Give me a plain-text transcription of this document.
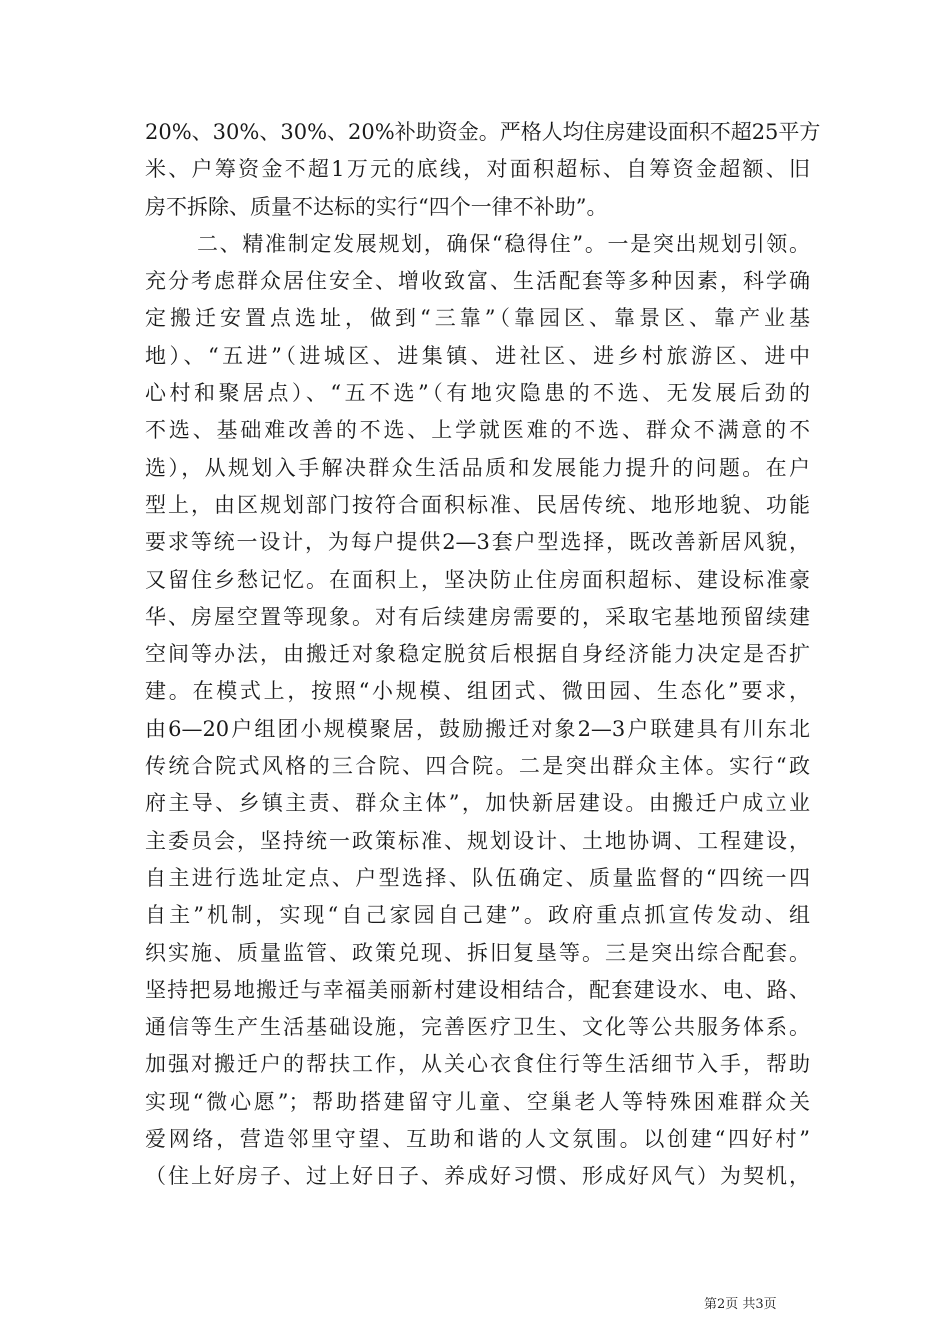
20%、30%、30%、20%补助资金。严格人均住房建设面积不超25平方
米、户筹资金不超1万元的底线，对面积超标、自筹资金超额、旧
房不拆除、质量不达标的实行“四个一律不补助”。
二、精准制定发展规划，确保“稳得住”。一是突出规划引领。
充分考虑群众居住安全、增收致富、生活配套等多种因素，科学确
定搬迁安置点选址，做到“三靠”（靠园区、靠景区、靠产业基
地）、“五进”（进城区、进集镇、进社区、进乡村旅游区、进中
心村和聚居点）、“五不选”（有地灾隐患的不选、无发展后劲的
不选、基础难改善的不选、上学就医难的不选、群众不满意的不
选），从规划入手解决群众生活品质和发展能力提升的问题。在户
型上，由区规划部门按符合面积标准、民居传统、地形地貌、功能
要求等统一设计，为每户提供2—3套户型选择，既改善新居风貌，
又留住乡愁记忆。在面积上，坚决防止住房面积超标、建设标准豪
华、房屋空置等现象。对有后续建房需要的，采取宅基地预留续建
空间等办法，由搬迁对象稳定脱贫后根据自身经济能力决定是否扩
建。在模式上，按照“小规模、组团式、微田园、生态化”要求，
由6—20户组团小规模聚居，鼓励搬迁对象2—3户联建具有川东北
传统合院式风格的三合院、四合院。二是突出群众主体。实行“政
府主导、乡镇主责、群众主体”，加快新居建设。由搬迁户成立业
主委员会，坚持统一政策标准、规划设计、土地协调、工程建设，
自主进行选址定点、户型选择、队伍确定、质量监督的“四统一四
自主”机制，实现“自己家园自己建”。政府重点抓宣传发动、组
织实施、质量监管、政策兑现、拆旧复垦等。三是突出综合配套。
坚持把易地搬迁与幸福美丽新村建设相结合，配套建设水、电、路、
通信等生产生活基础设施，完善医疗卫生、文化等公共服务体系。
加强对搬迁户的帮扶工作，从关心衣食住行等生活细节入手，帮助
实现“微心愿”；帮助搭建留守儿童、空巢老人等特殊困难群众关
爱网络，营造邻里守望、互助和谐的人文氛围。以创建“四好村”
（住上好房子、过上好日子、养成好习惯、形成好风气）为契机，
第2页 共3页
